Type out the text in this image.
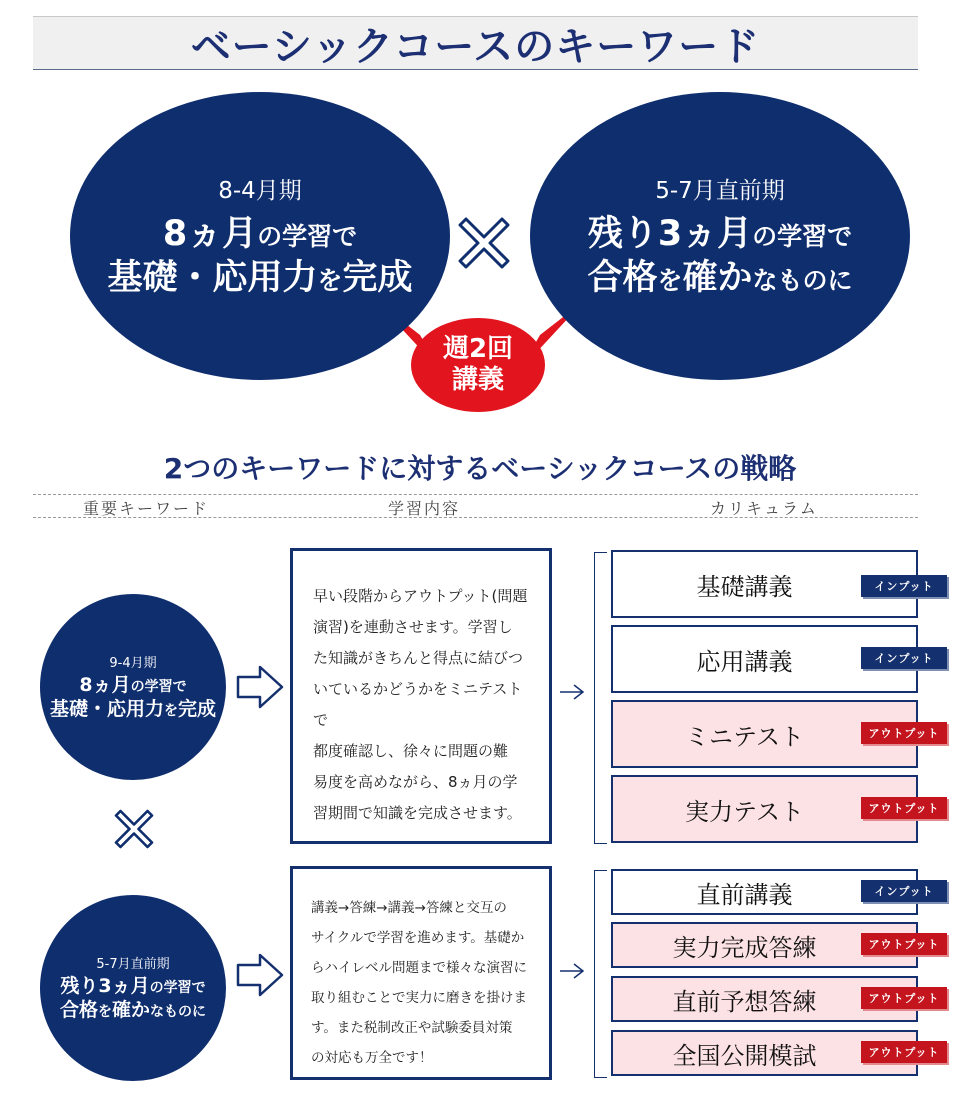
ベーシックコースのキーワード
8-4月期
8ヵ月の学習で
基礎・応用力を完成
5-7月直前期
残り3ヵ月の学習で
合格を確かなものに
週2回
講義
2つのキーワードに対するベーシックコースの戦略
重要キーワード	学習内容	カリキュラム
9-4月期
8ヵ月の学習で
基礎・応用力を完成
5-7月直前期
残り3ヵ月の学習で
合格を確かなものに
早い段階からアウトプット(問題
演習)を連動させます。学習し
た知識がきちんと得点に結びつ
いているかどうかをミニテストで
都度確認し、徐々に問題の難
易度を高めながら、8ヵ月の学
習期間で知識を完成させます。
講義→答練→講義→答練と交互の
サイクルで学習を進めます。基礎か
らハイレベル問題まで様々な演習に
取り組むことで実力に磨きを掛けま
す。また税制改正や試験委員対策
の対応も万全です！
基礎講義	インプット
応用講義	インプット
ミニテスト	アウトプット
実力テスト	アウトプット
直前講義	インプット
実力完成答練	アウトプット
直前予想答練	アウトプット
全国公開模試	アウトプット
